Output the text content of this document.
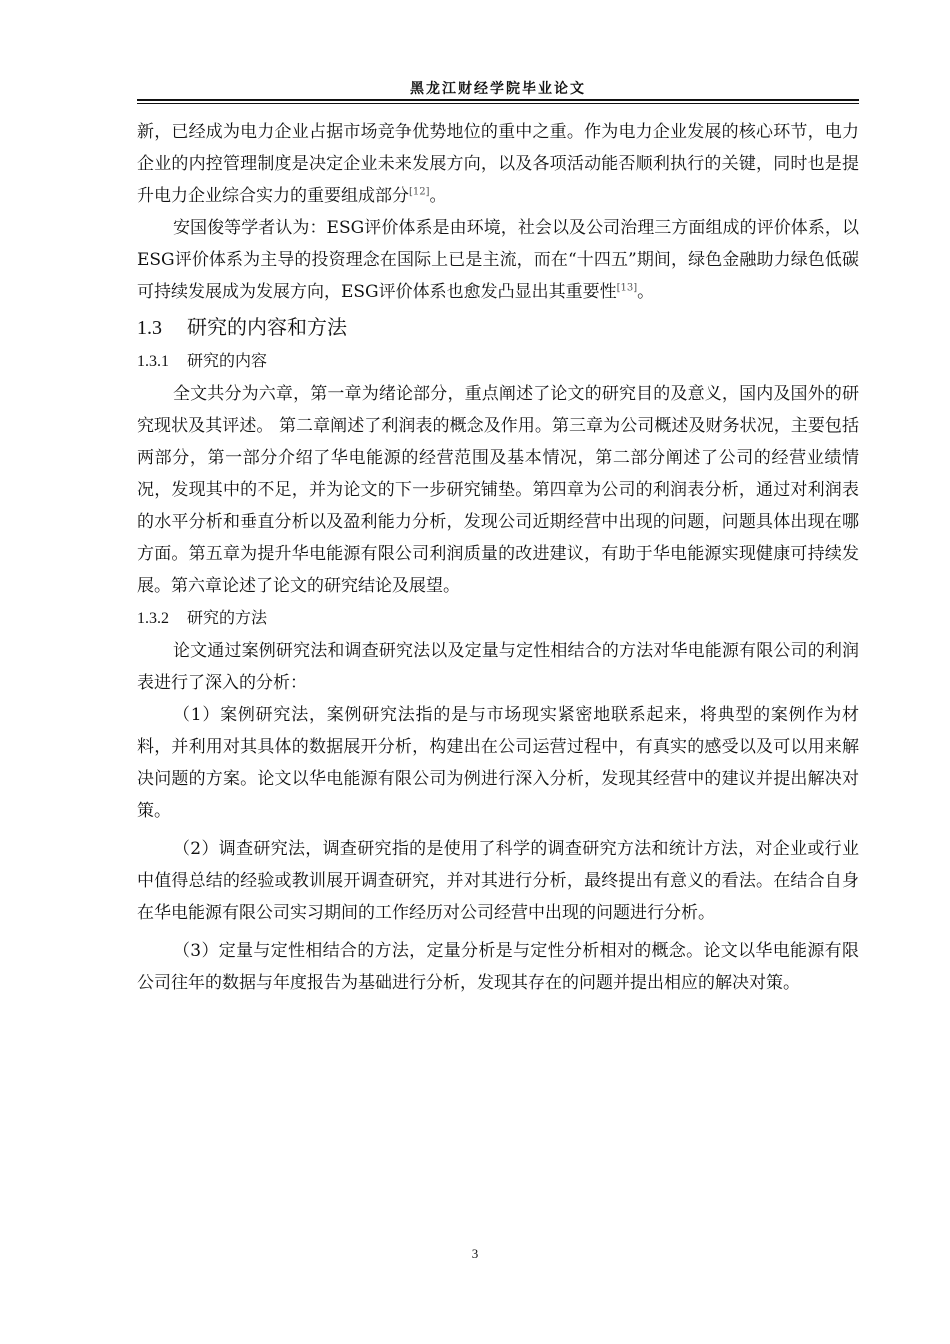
黑龙江财经学院毕业论文

新，已经成为电力企业占据市场竞争优势地位的重中之重。作为电力企业发展的核心环节，电力企业的内控管理制度是决定企业未来发展方向，以及各项活动能否顺利执行的关键，同时也是提升电力企业综合实力的重要组成部分[12]。

安国俊等学者认为：ESG评价体系是由环境，社会以及公司治理三方面组成的评价体系，以ESG评价体系为主导的投资理念在国际上已是主流，而在“十四五”期间，绿色金融助力绿色低碳可持续发展成为发展方向，ESG评价体系也愈发凸显出其重要性[13]。

1.3 研究的内容和方法
1.3.1 研究的内容

全文共分为六章，第一章为绪论部分，重点阐述了论文的研究目的及意义，国内及国外的研究现状及其评述。 第二章阐述了利润表的概念及作用。第三章为公司概述及财务状况，主要包括两部分，第一部分介绍了华电能源的经营范围及基本情况，第二部分阐述了公司的经营业绩情况，发现其中的不足，并为论文的下一步研究铺垫。第四章为公司的利润表分析，通过对利润表的水平分析和垂直分析以及盈利能力分析，发现公司近期经营中出现的问题，问题具体出现在哪方面。第五章为提升华电能源有限公司利润质量的改进建议，有助于华电能源实现健康可持续发展。第六章论述了论文的研究结论及展望。

1.3.2 研究的方法

论文通过案例研究法和调查研究法以及定量与定性相结合的方法对华电能源有限公司的利润表进行了深入的分析：

（1）案例研究法，案例研究法指的是与市场现实紧密地联系起来，将典型的案例作为材料，并利用对其具体的数据展开分析，构建出在公司运营过程中，有真实的感受以及可以用来解决问题的方案。论文以华电能源有限公司为例进行深入分析，发现其经营中的建议并提出解决对策。

（2）调查研究法，调查研究指的是使用了科学的调查研究方法和统计方法，对企业或行业中值得总结的经验或教训展开调查研究，并对其进行分析，最终提出有意义的看法。在结合自身在华电能源有限公司实习期间的工作经历对公司经营中出现的问题进行分析。

（3）定量与定性相结合的方法，定量分析是与定性分析相对的概念。论文以华电能源有限公司往年的数据与年度报告为基础进行分析，发现其存在的问题并提出相应的解决对策。

3
